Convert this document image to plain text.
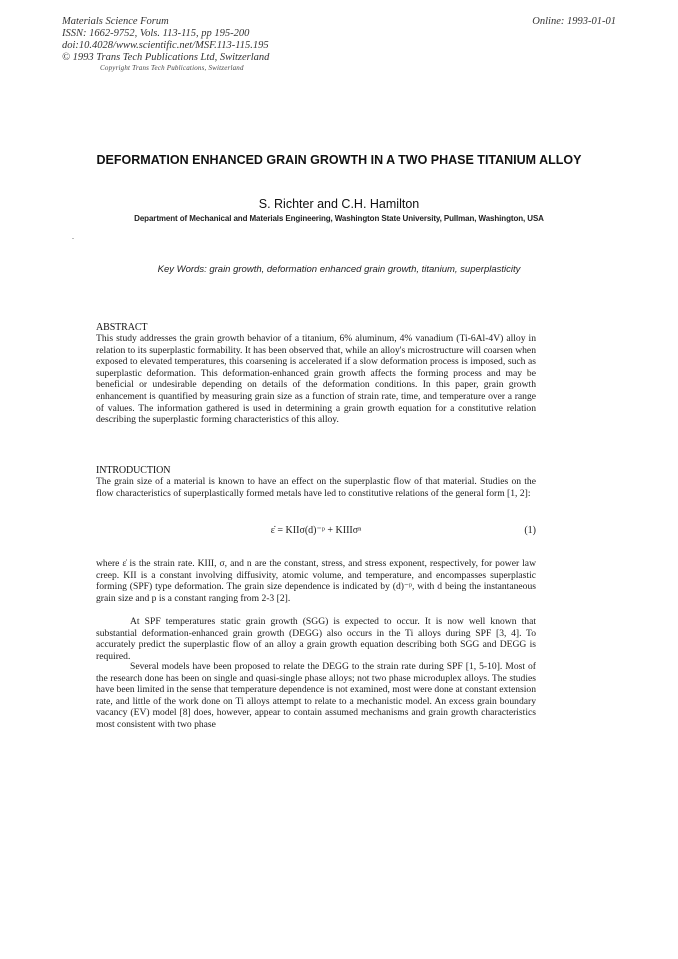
Materials Science Forum
ISSN: 1662-9752, Vols. 113-115, pp 195-200
doi:10.4028/www.scientific.net/MSF.113-115.195
© 1993 Trans Tech Publications Ltd, Switzerland
Online: 1993-01-01
Copyright Trans Tech Publications, Switzerland
DEFORMATION ENHANCED GRAIN GROWTH IN A TWO PHASE TITANIUM ALLOY
S. Richter and C.H. Hamilton
Department of Mechanical and Materials Engineering, Washington State University, Pullman, Washington, USA
Key Words: grain growth, deformation enhanced grain growth, titanium, superplasticity
ABSTRACT

This study addresses the grain growth behavior of a titanium, 6% aluminum, 4% vanadium (Ti-6Al-4V) alloy in relation to its superplastic formability. It has been observed that, while an alloy's microstructure will coarsen when exposed to elevated temperatures, this coarsening is accelerated if a slow deformation process is imposed, such as superplastic deformation. This deformation-enhanced grain growth affects the forming process and may be beneficial or undesirable depending on details of the deformation conditions. In this paper, grain growth enhancement is quantified by measuring grain size as a function of strain rate, time, and temperature over a range of values. The information gathered is used in determining a grain growth equation for a constitutive relation describing the superplastic forming characteristics of this alloy.

INTRODUCTION

The grain size of a material is known to have an effect on the superplastic flow of that material. Studies on the flow characteristics of superplastically formed metals have led to constitutive relations of the general form [1, 2]:

ε̇ = KIIσ(d)⁻ᵖ + KIIIσⁿ	(1)

where ε̇ is the strain rate. KIII, σ, and n are the constant, stress, and stress exponent, respectively, for power law creep. KII is a constant involving diffusivity, atomic volume, and temperature, and encompasses superplastic forming (SPF) type deformation. The grain size dependence is indicated by (d)⁻ᵖ, with d being the instantaneous grain size and p is a constant ranging from 2-3 [2].

At SPF temperatures static grain growth (SGG) is expected to occur. It is now well known that substantial deformation-enhanced grain growth (DEGG) also occurs in the Ti alloys during SPF [3, 4]. To accurately predict the superplastic flow of an alloy a grain growth equation describing both SGG and DEGG is required.

Several models have been proposed to relate the DEGG to the strain rate during SPF [1, 5-10]. Most of the research done has been on single and quasi-single phase alloys; not two phase microduplex alloys. The studies have been limited in the sense that temperature dependence is not examined, most were done at constant extension rate, and little of the work done on Ti alloys attempt to relate to a mechanistic model. An excess grain boundary vacancy (EV) model [8] does, however, appear to contain assumed mechanisms and grain growth characteristics most consistent with two phase
